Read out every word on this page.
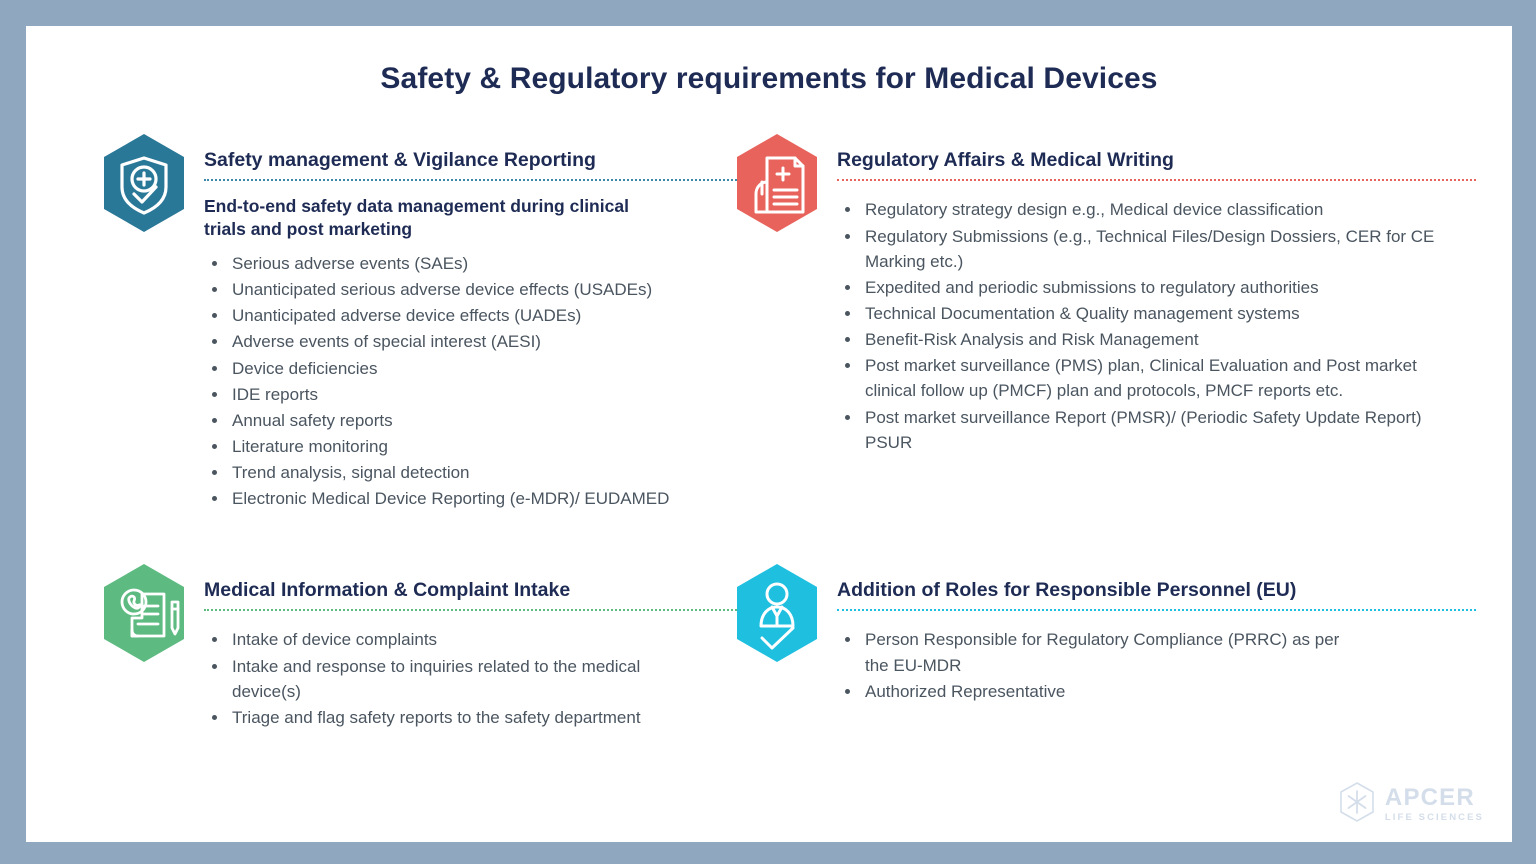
Safety & Regulatory requirements for Medical Devices
Safety management & Vigilance Reporting
End-to-end safety data management during clinical trials and post marketing
Serious adverse events (SAEs)
Unanticipated serious adverse device effects (USADEs)
Unanticipated adverse device effects (UADEs)
Adverse events of special interest (AESI)
Device deficiencies
IDE reports
Annual safety reports
Literature monitoring
Trend analysis, signal detection
Electronic Medical Device Reporting (e-MDR)/ EUDAMED
Regulatory Affairs & Medical Writing
Regulatory strategy design e.g., Medical device classification
Regulatory Submissions (e.g., Technical Files/Design Dossiers, CER for CE Marking etc.)
Expedited and periodic submissions to regulatory authorities
Technical Documentation & Quality management systems
Benefit-Risk Analysis and Risk Management
Post market surveillance (PMS) plan, Clinical Evaluation and Post market clinical follow up (PMCF) plan and protocols, PMCF reports etc.
Post market surveillance Report (PMSR)/ (Periodic Safety Update Report) PSUR
Medical Information & Complaint Intake
Intake of device complaints
Intake and response to inquiries related to the medical device(s)
Triage and flag safety reports to the safety department
Addition of Roles for Responsible Personnel (EU)
Person Responsible for Regulatory Compliance (PRRC) as per the EU-MDR
Authorized Representative
APCER
LIFE SCIENCES
